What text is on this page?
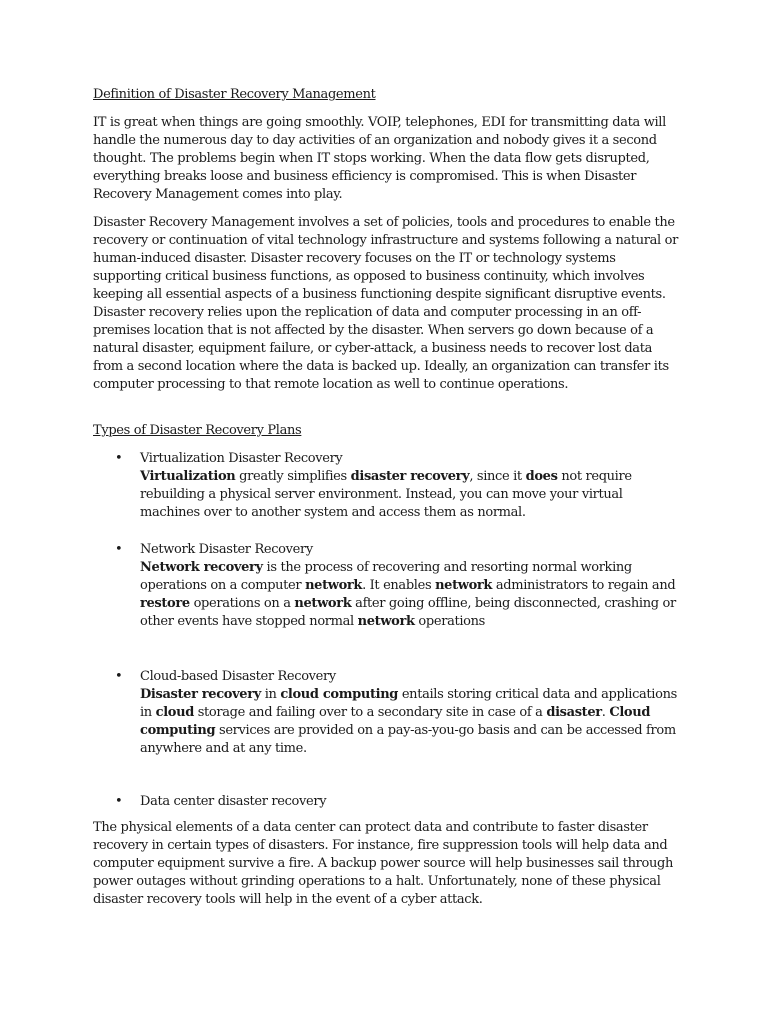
Definition of Disaster Recovery Management

IT is great when things are going smoothly. VOIP, telephones, EDI for transmitting data will handle the numerous day to day activities of an organization and nobody gives it a second thought. The problems begin when IT stops working. When the data flow gets disrupted, everything breaks loose and business efficiency is compromised. This is when Disaster Recovery Management comes into play.

Disaster Recovery Management involves a set of policies, tools and procedures to enable the recovery or continuation of vital technology infrastructure and systems following a natural or human-induced disaster. Disaster recovery focuses on the IT or technology systems supporting critical business functions, as opposed to business continuity, which involves keeping all essential aspects of a business functioning despite significant disruptive events. Disaster recovery relies upon the replication of data and computer processing in an off-premises location that is not affected by the disaster. When servers go down because of a natural disaster, equipment failure, or cyber-attack, a business needs to recover lost data from a second location where the data is backed up. Ideally, an organization can transfer its computer processing to that remote location as well to continue operations.

Types of Disaster Recovery Plans

• Virtualization Disaster Recovery
Virtualization greatly simplifies disaster recovery, since it does not require rebuilding a physical server environment. Instead, you can move your virtual machines over to another system and access them as normal.
• Network Disaster Recovery
Network recovery is the process of recovering and resorting normal working operations on a computer network. It enables network administrators to regain and restore operations on a network after going offline, being disconnected, crashing or other events have stopped normal network operations
• Cloud-based Disaster Recovery
Disaster recovery in cloud computing entails storing critical data and applications in cloud storage and failing over to a secondary site in case of a disaster. Cloud computing services are provided on a pay-as-you-go basis and can be accessed from anywhere and at any time.
• Data center disaster recovery

The physical elements of a data center can protect data and contribute to faster disaster recovery in certain types of disasters. For instance, fire suppression tools will help data and computer equipment survive a fire. A backup power source will help businesses sail through power outages without grinding operations to a halt. Unfortunately, none of these physical disaster recovery tools will help in the event of a cyber attack.
